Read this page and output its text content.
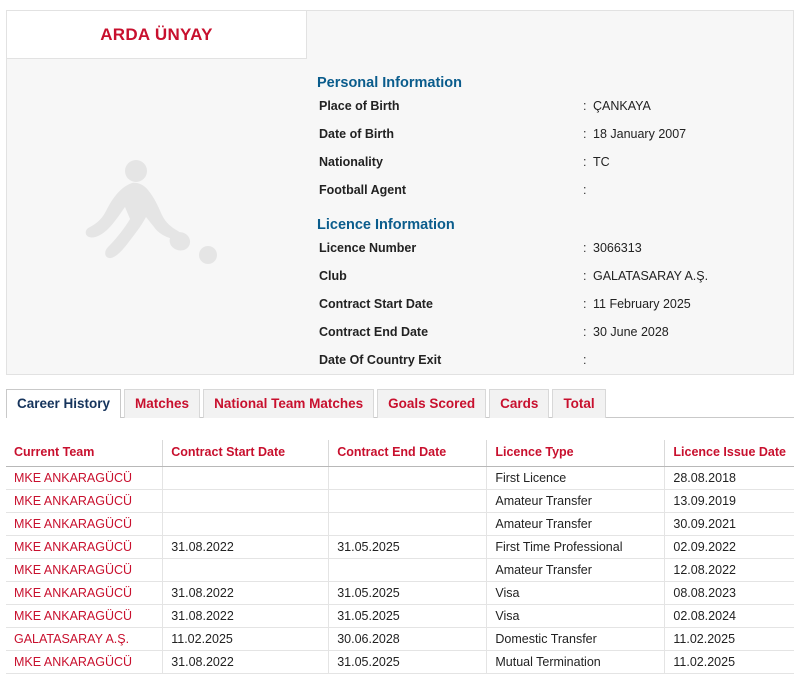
ARDA ÜNYAY
Personal Information
Place of Birth	: ÇANKAYA
Date of Birth	: 18 January 2007
Nationality	: TC
Football Agent	:
Licence Information
Licence Number	: 3066313
Club	: GALATASARAY A.Ş.
Contract Start Date	: 11 February 2025
Contract End Date	: 30 June 2028
Date Of Country Exit	:
Career History	Matches	National Team Matches	Goals Scored	Cards	Total
Current Team	Contract Start Date	Contract End Date	Licence Type	Licence Issue Date
MKE ANKARAGÜCÜ			First Licence	28.08.2018
MKE ANKARAGÜCÜ			Amateur Transfer	13.09.2019
MKE ANKARAGÜCÜ			Amateur Transfer	30.09.2021
MKE ANKARAGÜCÜ	31.08.2022	31.05.2025	First Time Professional	02.09.2022
MKE ANKARAGÜCÜ			Amateur Transfer	12.08.2022
MKE ANKARAGÜCÜ	31.08.2022	31.05.2025	Visa	08.08.2023
MKE ANKARAGÜCÜ	31.08.2022	31.05.2025	Visa	02.08.2024
GALATASARAY A.Ş.	11.02.2025	30.06.2028	Domestic Transfer	11.02.2025
MKE ANKARAGÜCÜ	31.08.2022	31.05.2025	Mutual Termination	11.02.2025
